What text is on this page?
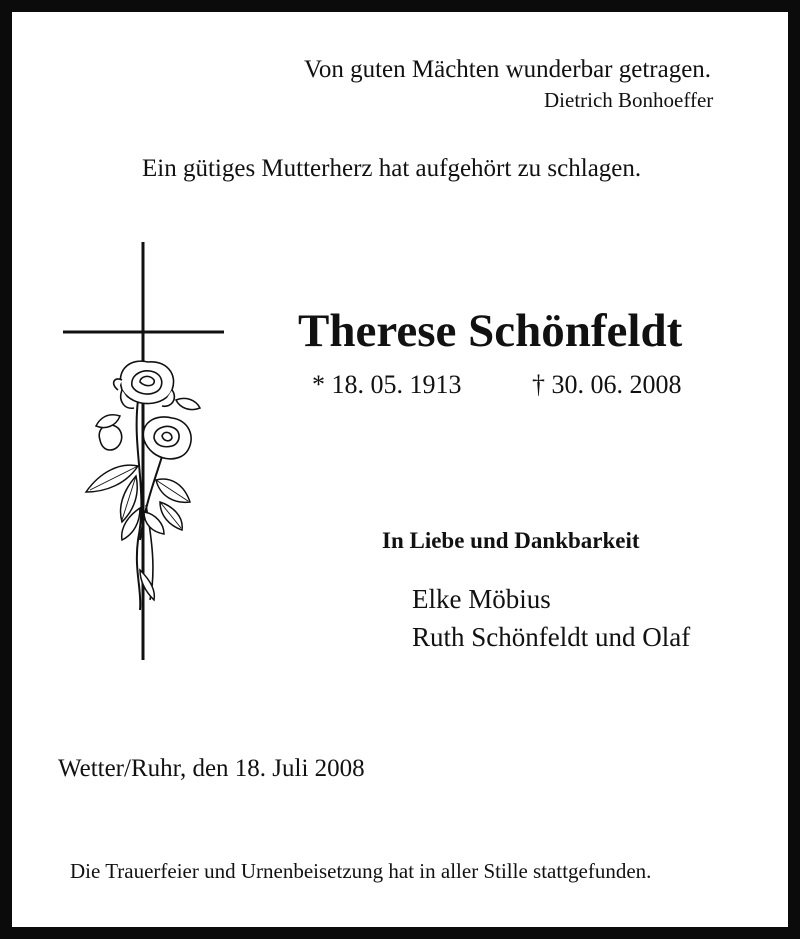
Von guten Mächten wunderbar getragen.
Dietrich Bonhoeffer
Ein gütiges Mutterherz hat aufgehört zu schlagen.
Therese Schönfeldt
* 18. 05. 1913	† 30. 06. 2008
In Liebe und Dankbarkeit
Elke Möbius
Ruth Schönfeldt und Olaf
Wetter/Ruhr, den 18. Juli 2008
Die Trauerfeier und Urnenbeisetzung hat in aller Stille stattgefunden.
